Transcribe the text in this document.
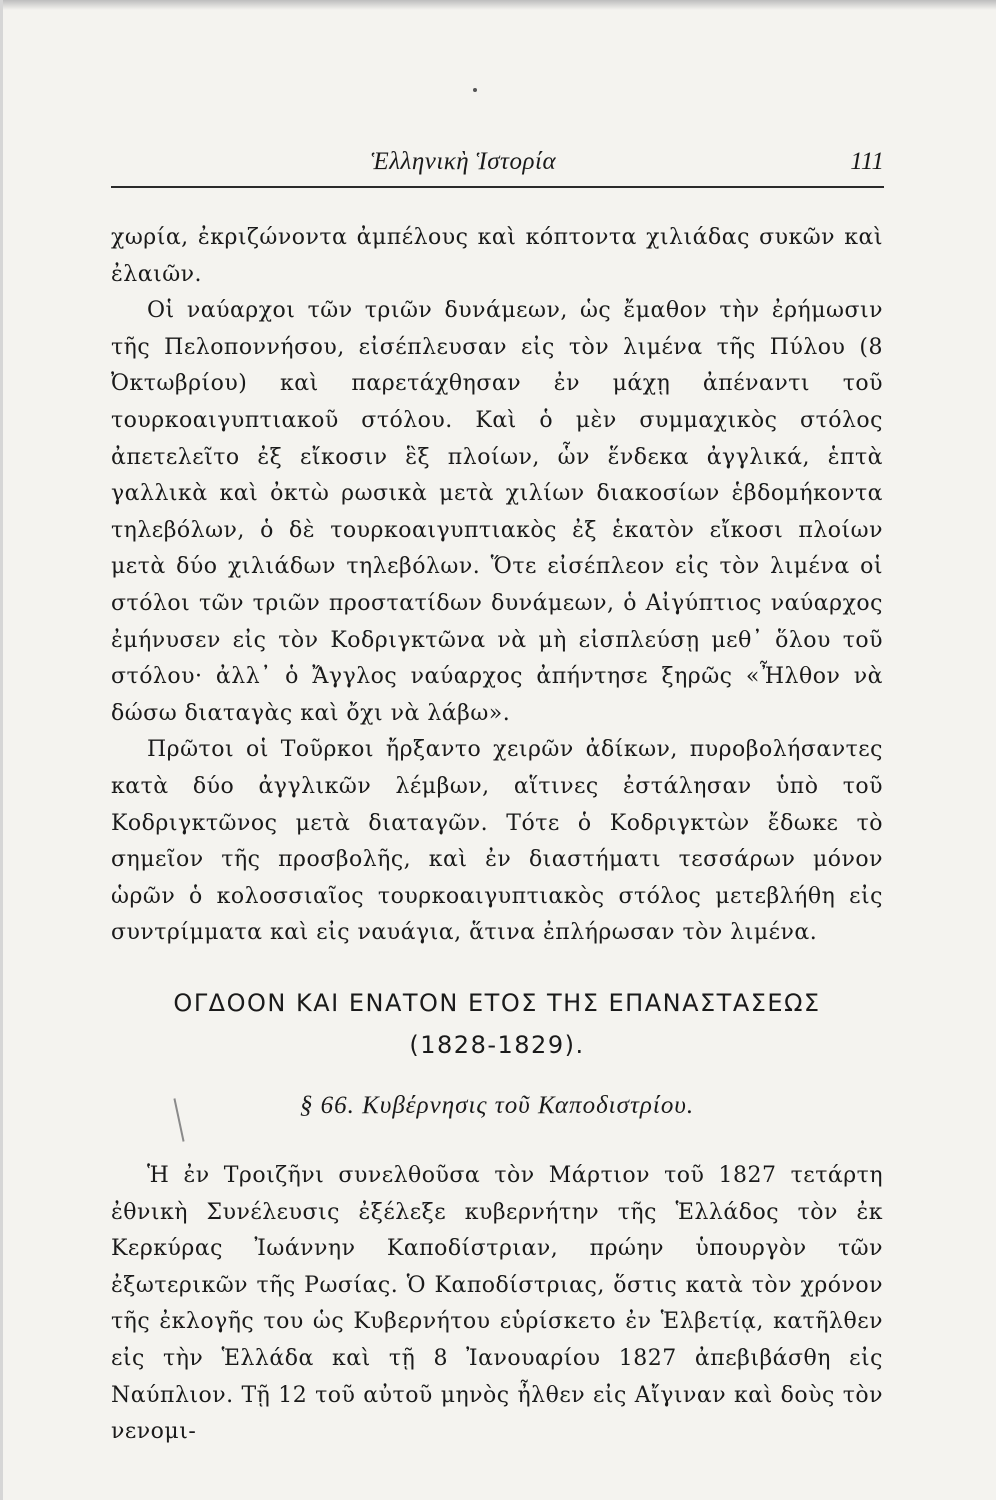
Ἑλληνικὴ Ἱστορία	111

χωρία, ἐκριζώνοντα ἀμπέλους καὶ κόπτοντα χιλιάδας συκῶν καὶ ἐλαιῶν.

Οἱ ναύαρχοι τῶν τριῶν δυνάμεων, ὡς ἔμαθον τὴν ἐρήμωσιν τῆς Πελοποννήσου, εἰσέπλευσαν εἰς τὸν λιμένα τῆς Πύλου (8 Ὀκτωβρίου) καὶ παρετάχθησαν ἐν μάχῃ ἀπέναντι τοῦ τουρκοαιγυπτιακοῦ στόλου. Καὶ ὁ μὲν συμμαχικὸς στόλος ἀπετελεῖτο ἐξ εἴκοσιν ἓξ πλοίων, ὧν ἕνδεκα ἀγγλικά, ἑπτὰ γαλλικὰ καὶ ὀκτὼ ρωσικὰ μετὰ χιλίων διακοσίων ἑβδομήκοντα τηλεβόλων, ὁ δὲ τουρκοαιγυπτιακὸς ἐξ ἑκατὸν εἴκοσι πλοίων μετὰ δύο χιλιάδων τηλεβόλων. Ὅτε εἰσέπλεον εἰς τὸν λιμένα οἱ στόλοι τῶν τριῶν προστατίδων δυνάμεων, ὁ Αἰγύπτιος ναύαρχος ἐμήνυσεν εἰς τὸν Κοδριγκτῶνα νὰ μὴ εἰσπλεύσῃ μεθ᾽ ὅλου τοῦ στόλου· ἀλλ᾽ ὁ Ἄγγλος ναύαρχος ἀπήντησε ξηρῶς «Ἦλθον νὰ δώσω διαταγὰς καὶ ὄχι νὰ λάβω».

Πρῶτοι οἱ Τοῦρκοι ἤρξαντο χειρῶν ἀδίκων, πυροβολήσαντες κατὰ δύο ἀγγλικῶν λέμβων, αἵτινες ἐστάλησαν ὑπὸ τοῦ Κοδριγκτῶνος μετὰ διαταγῶν. Τότε ὁ Κοδριγκτὼν ἔδωκε τὸ σημεῖον τῆς προσβολῆς, καὶ ἐν διαστήματι τεσσάρων μόνον ὡρῶν ὁ κολοσσιαῖος τουρκοαιγυπτιακὸς στόλος μετεβλήθη εἰς συντρίμματα καὶ εἰς ναυάγια, ἅτινα ἐπλήρωσαν τὸν λιμένα.

ΟΓΔΟΟΝ ΚΑΙ ΕΝΑΤΟΝ ΕΤΟΣ ΤΗΣ ΕΠΑΝΑΣΤΑΣΕΩΣ
(1828-1829).
§ 66. Κυβέρνησις τοῦ Καποδιστρίου.

Ἡ ἐν Τροιζῆνι συνελθοῦσα τὸν Μάρτιον τοῦ 1827 τετάρτη ἐθνικὴ Συνέλευσις ἐξέλεξε κυβερνήτην τῆς Ἑλλάδος τὸν ἐκ Κερκύρας Ἰωάννην Καποδίστριαν, πρώην ὑπουργὸν τῶν ἐξωτερικῶν τῆς Ρωσίας. Ὁ Καποδίστριας, ὅστις κατὰ τὸν χρόνον τῆς ἐκλογῆς του ὡς Κυβερνήτου εὑρίσκετο ἐν Ἑλβετίᾳ, κατῆλθεν εἰς τὴν Ἑλλάδα καὶ τῇ 8 Ἰανουαρίου 1827 ἀπεβιβάσθη εἰς Ναύπλιον. Τῇ 12 τοῦ αὐτοῦ μηνὸς ἦλθεν εἰς Αἴγιναν καὶ δοὺς τὸν νενομι-
